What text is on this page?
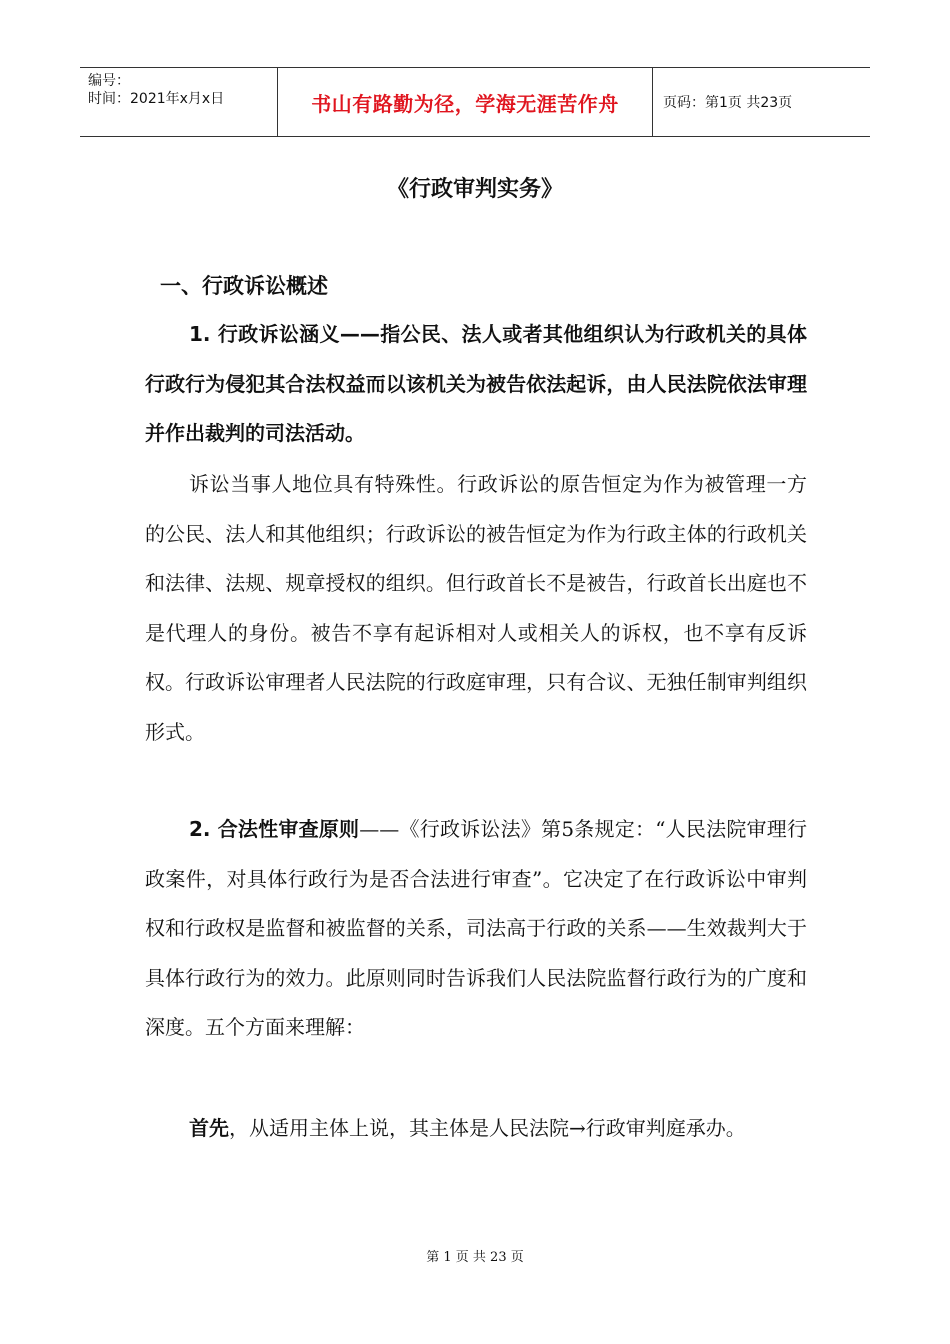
编号：
时间：2021年x月x日	书山有路勤为径，学海无涯苦作舟	页码：第1页 共23页
《行政审判实务》
一、行政诉讼概述

1. 行政诉讼涵义——指公民、法人或者其他组织认为行政机关的具体行政行为侵犯其合法权益而以该机关为被告依法起诉，由人民法院依法审理并作出裁判的司法活动。

诉讼当事人地位具有特殊性。行政诉讼的原告恒定为作为被管理一方的公民、法人和其他组织；行政诉讼的被告恒定为作为行政主体的行政机关和法律、法规、规章授权的组织。但行政首长不是被告，行政首长出庭也不是代理人的身份。被告不享有起诉相对人或相关人的诉权，也不享有反诉权。行政诉讼审理者人民法院的行政庭审理，只有合议、无独任制审判组织形式。

2. 合法性审查原则——《行政诉讼法》第5条规定：“人民法院审理行政案件，对具体行政行为是否合法进行审查”。它决定了在行政诉讼中审判权和行政权是监督和被监督的关系，司法高于行政的关系——生效裁判大于具体行政行为的效力。此原则同时告诉我们人民法院监督行政行为的广度和深度。五个方面来理解：

首先，从适用主体上说，其主体是人民法院→行政审判庭承办。

第 1 页 共 23 页
